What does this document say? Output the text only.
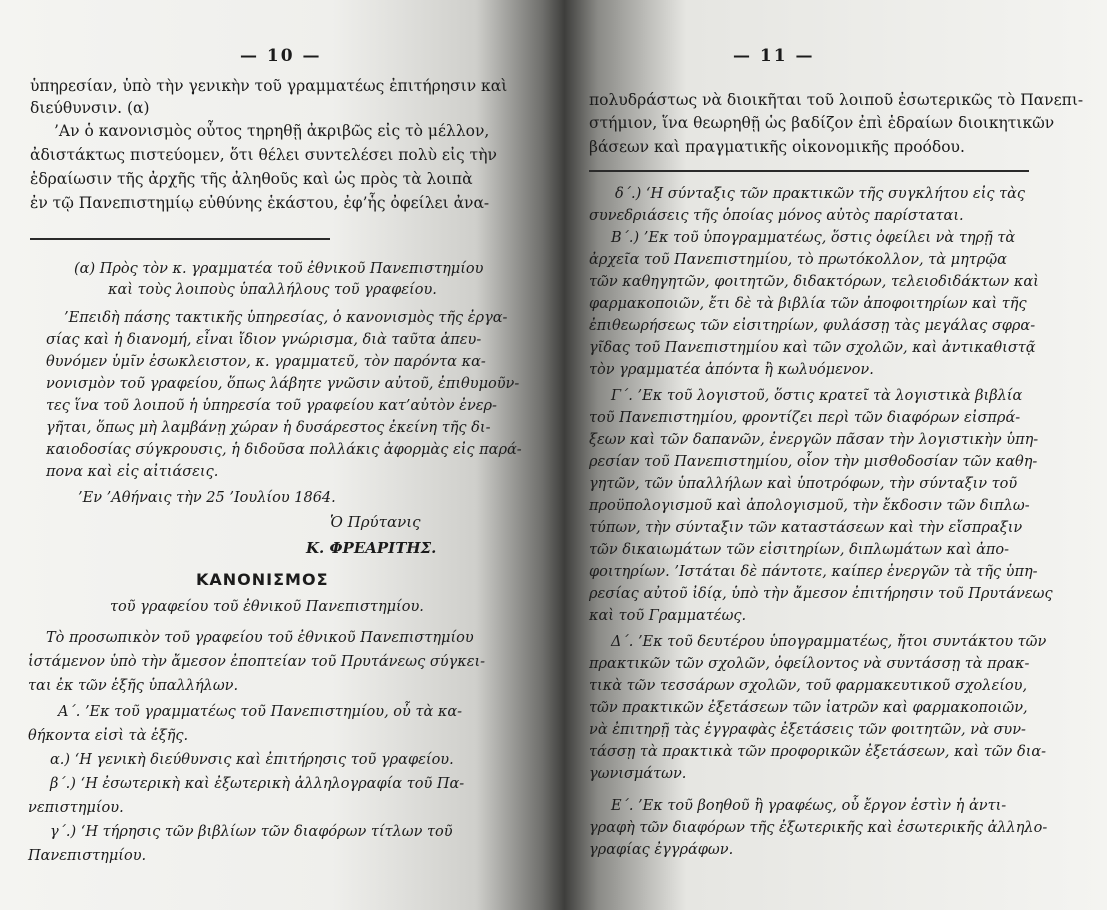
— 10 —
ὑπηρεσίαν, ὑπὸ τὴν γενικὴν τοῦ γραμματέως ἐπιτήρησιν καὶ
διεύθυνσιν. (α)
’Αν ὁ κανονισμὸς οὗτος τηρηθῇ ἀκριβῶς εἰς τὸ μέλλον,
ἀδιστάκτως πιστεύομεν, ὅτι θέλει συντελέσει πολὺ εἰς τὴν
ἑδραίωσιν τῆς ἀρχῆς τῆς ἀληθοῦς καὶ ὡς πρὸς τὰ λοιπὰ
ἐν τῷ Πανεπιστημίῳ εὐθύνης ἑκάστου, ἐφ’ἧς ὀφείλει ἀνα-
(α) Πρὸς τὸν κ. γραμματέα τοῦ ἐθνικοῦ Πανεπιστημίου
καὶ τοὺς λοιποὺς ὑπαλλήλους τοῦ γραφείου.
’Επειδὴ πάσης τακτικῆς ὑπηρεσίας, ὁ κανονισμὸς τῆς ἐργα-
σίας καὶ ἡ διανομή, εἶναι ἴδιον γνώρισμα, διὰ ταῦτα ἀπευ-
θυνόμεν ὑμῖν ἐσωκλειστον, κ. γραμματεῦ, τὸν παρόντα κα-
νονισμὸν τοῦ γραφείου, ὅπως λάβητε γνῶσιν αὐτοῦ, ἐπιθυμοῦν-
τες ἵνα τοῦ λοιποῦ ἡ ὑπηρεσία τοῦ γραφείου κατ’αὐτὸν ἐνερ-
γῆται, ὅπως μὴ λαμβάνῃ χώραν ἡ δυσάρεστος ἐκείνη τῆς δι-
καιοδοσίας σύγκρουσις, ἡ διδοῦσα πολλάκις ἀφορμὰς εἰς παρά-
πονα καὶ εἰς αἰτιάσεις.
’Εν ’Αθήναις τὴν 25 ’Ιουλίου 1864.
Ὁ Πρύτανις
Κ. ΦΡΕΑΡΙΤΗΣ.
ΚΑΝΟΝΙΣΜΟΣ
τοῦ γραφείου τοῦ ἐθνικοῦ Πανεπιστημίου.
Τὸ προσωπικὸν τοῦ γραφείου τοῦ ἐθνικοῦ Πανεπιστημίου
ἱστάμενον ὑπὸ τὴν ἄμεσον ἐποπτείαν τοῦ Πρυτάνεως σύγκει-
ται ἐκ τῶν ἑξῆς ὑπαλλήλων.
Α΄. ’Εκ τοῦ γραμματέως τοῦ Πανεπιστημίου, οὗ τὰ κα-
θήκοντα εἰσὶ τὰ ἑξῆς.
α.) ‘Η γενικὴ διεύθυνσις καὶ ἐπιτήρησις τοῦ γραφείου.
β΄.) ‘Η ἐσωτερικὴ καὶ ἐξωτερικὴ ἀλληλογραφία τοῦ Πα-
νεπιστημίου.
γ΄.) ‘Η τήρησις τῶν βιβλίων τῶν διαφόρων τίτλων τοῦ
Πανεπιστημίου.
— 11 —
πολυδράστως νὰ διοικῆται τοῦ λοιποῦ ἐσωτερικῶς τὸ Πανεπι-
στήμιον, ἵνα θεωρηθῇ ὡς βαδίζον ἐπὶ ἑδραίων διοικητικῶν
βάσεων καὶ πραγματικῆς οἰκονομικῆς προόδου.
δ΄.) ‘Η σύνταξις τῶν πρακτικῶν τῆς συγκλήτου εἰς τὰς
συνεδριάσεις τῆς ὁποίας μόνος αὐτὸς παρίσταται.
Β΄.) ’Εκ τοῦ ὑπογραμματέως, ὅστις ὀφείλει νὰ τηρῇ τὰ
ἀρχεῖα τοῦ Πανεπιστημίου, τὸ πρωτόκολλον, τὰ μητρῷα
τῶν καθηγητῶν, φοιτητῶν, διδακτόρων, τελειοδιδάκτων καὶ
φαρμακοποιῶν, ἔτι δὲ τὰ βιβλία τῶν ἀποφοιτηρίων καὶ τῆς
ἐπιθεωρήσεως τῶν εἰσιτηρίων, φυλάσσῃ τὰς μεγάλας σφρα-
γῖδας τοῦ Πανεπιστημίου καὶ τῶν σχολῶν, καὶ ἀντικαθιστᾷ
τὸν γραμματέα ἀπόντα ἢ κωλυόμενον.
Γ΄. ’Εκ τοῦ λογιστοῦ, ὅστις κρατεῖ τὰ λογιστικὰ βιβλία
τοῦ Πανεπιστημίου, φροντίζει περὶ τῶν διαφόρων εἰσπρά-
ξεων καὶ τῶν δαπανῶν, ἐνεργῶν πᾶσαν τὴν λογιστικὴν ὑπη-
ρεσίαν τοῦ Πανεπιστημίου, οἷον τὴν μισθοδοσίαν τῶν καθη-
γητῶν, τῶν ὑπαλλήλων καὶ ὑποτρόφων, τὴν σύνταξιν τοῦ
προϋπολογισμοῦ καὶ ἀπολογισμοῦ, τὴν ἔκδοσιν τῶν διπλω-
τύπων, τὴν σύνταξιν τῶν καταστάσεων καὶ τὴν εἴσπραξιν
τῶν δικαιωμάτων τῶν εἰσιτηρίων, διπλωμάτων καὶ ἀπο-
φοιτηρίων. ’Ιστάται δὲ πάντοτε, καίπερ ἐνεργῶν τὰ τῆς ὑπη-
ρεσίας αὐτοῦ ἰδίᾳ, ὑπὸ τὴν ἄμεσον ἐπιτήρησιν τοῦ Πρυτάνεως
καὶ τοῦ Γραμματέως.
Δ΄. ’Εκ τοῦ δευτέρου ὑπογραμματέως, ἤτοι συντάκτου τῶν
πρακτικῶν τῶν σχολῶν, ὀφείλοντος νὰ συντάσσῃ τὰ πρακ-
τικὰ τῶν τεσσάρων σχολῶν, τοῦ φαρμακευτικοῦ σχολείου,
τῶν πρακτικῶν ἐξετάσεων τῶν ἰατρῶν καὶ φαρμακοποιῶν,
νὰ ἐπιτηρῇ τὰς ἐγγραφὰς ἐξετάσεις τῶν φοιτητῶν, νὰ συν-
τάσσῃ τὰ πρακτικὰ τῶν προφορικῶν ἐξετάσεων, καὶ τῶν δια-
γωνισμάτων.
Ε΄. ’Εκ τοῦ βοηθοῦ ἢ γραφέως, οὗ ἔργον ἐστὶν ἡ ἀντι-
γραφὴ τῶν διαφόρων τῆς ἐξωτερικῆς καὶ ἐσωτερικῆς ἀλληλο-
γραφίας ἐγγράφων.
